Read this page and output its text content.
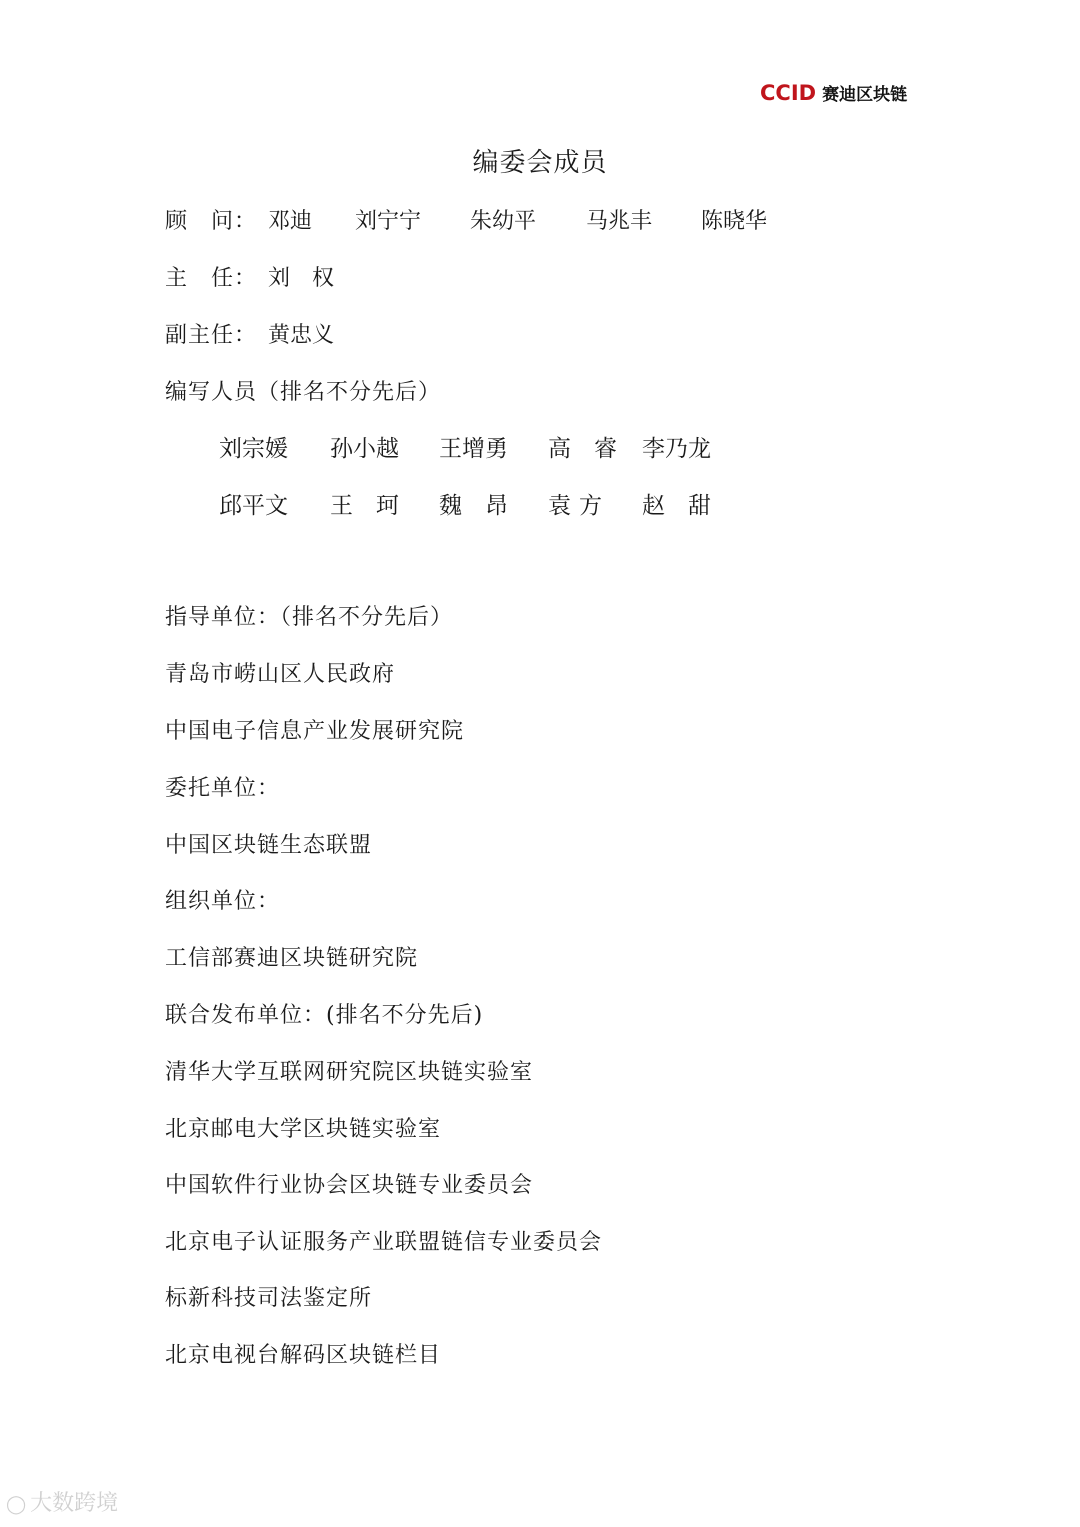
CCID 赛迪区块链
编委会成员
顾　问： 邓迪 刘宁宁 朱幼平 马兆丰 陈晓华
主　任： 刘　权
副主任： 黄忠义
编写人员（排名不分先后）
刘宗媛 孙小越 王增勇 高　睿 李乃龙
邱平文 王　珂 魏　昂 袁方 赵　甜
指导单位：（排名不分先后）
青岛市崂山区人民政府
中国电子信息产业发展研究院
委托单位：
中国区块链生态联盟
组织单位：
工信部赛迪区块链研究院
联合发布单位：(排名不分先后)
清华大学互联网研究院区块链实验室
北京邮电大学区块链实验室
中国软件行业协会区块链专业委员会
北京电子认证服务产业联盟链信专业委员会
标新科技司法鉴定所
北京电视台解码区块链栏目
◯ 大数跨境
